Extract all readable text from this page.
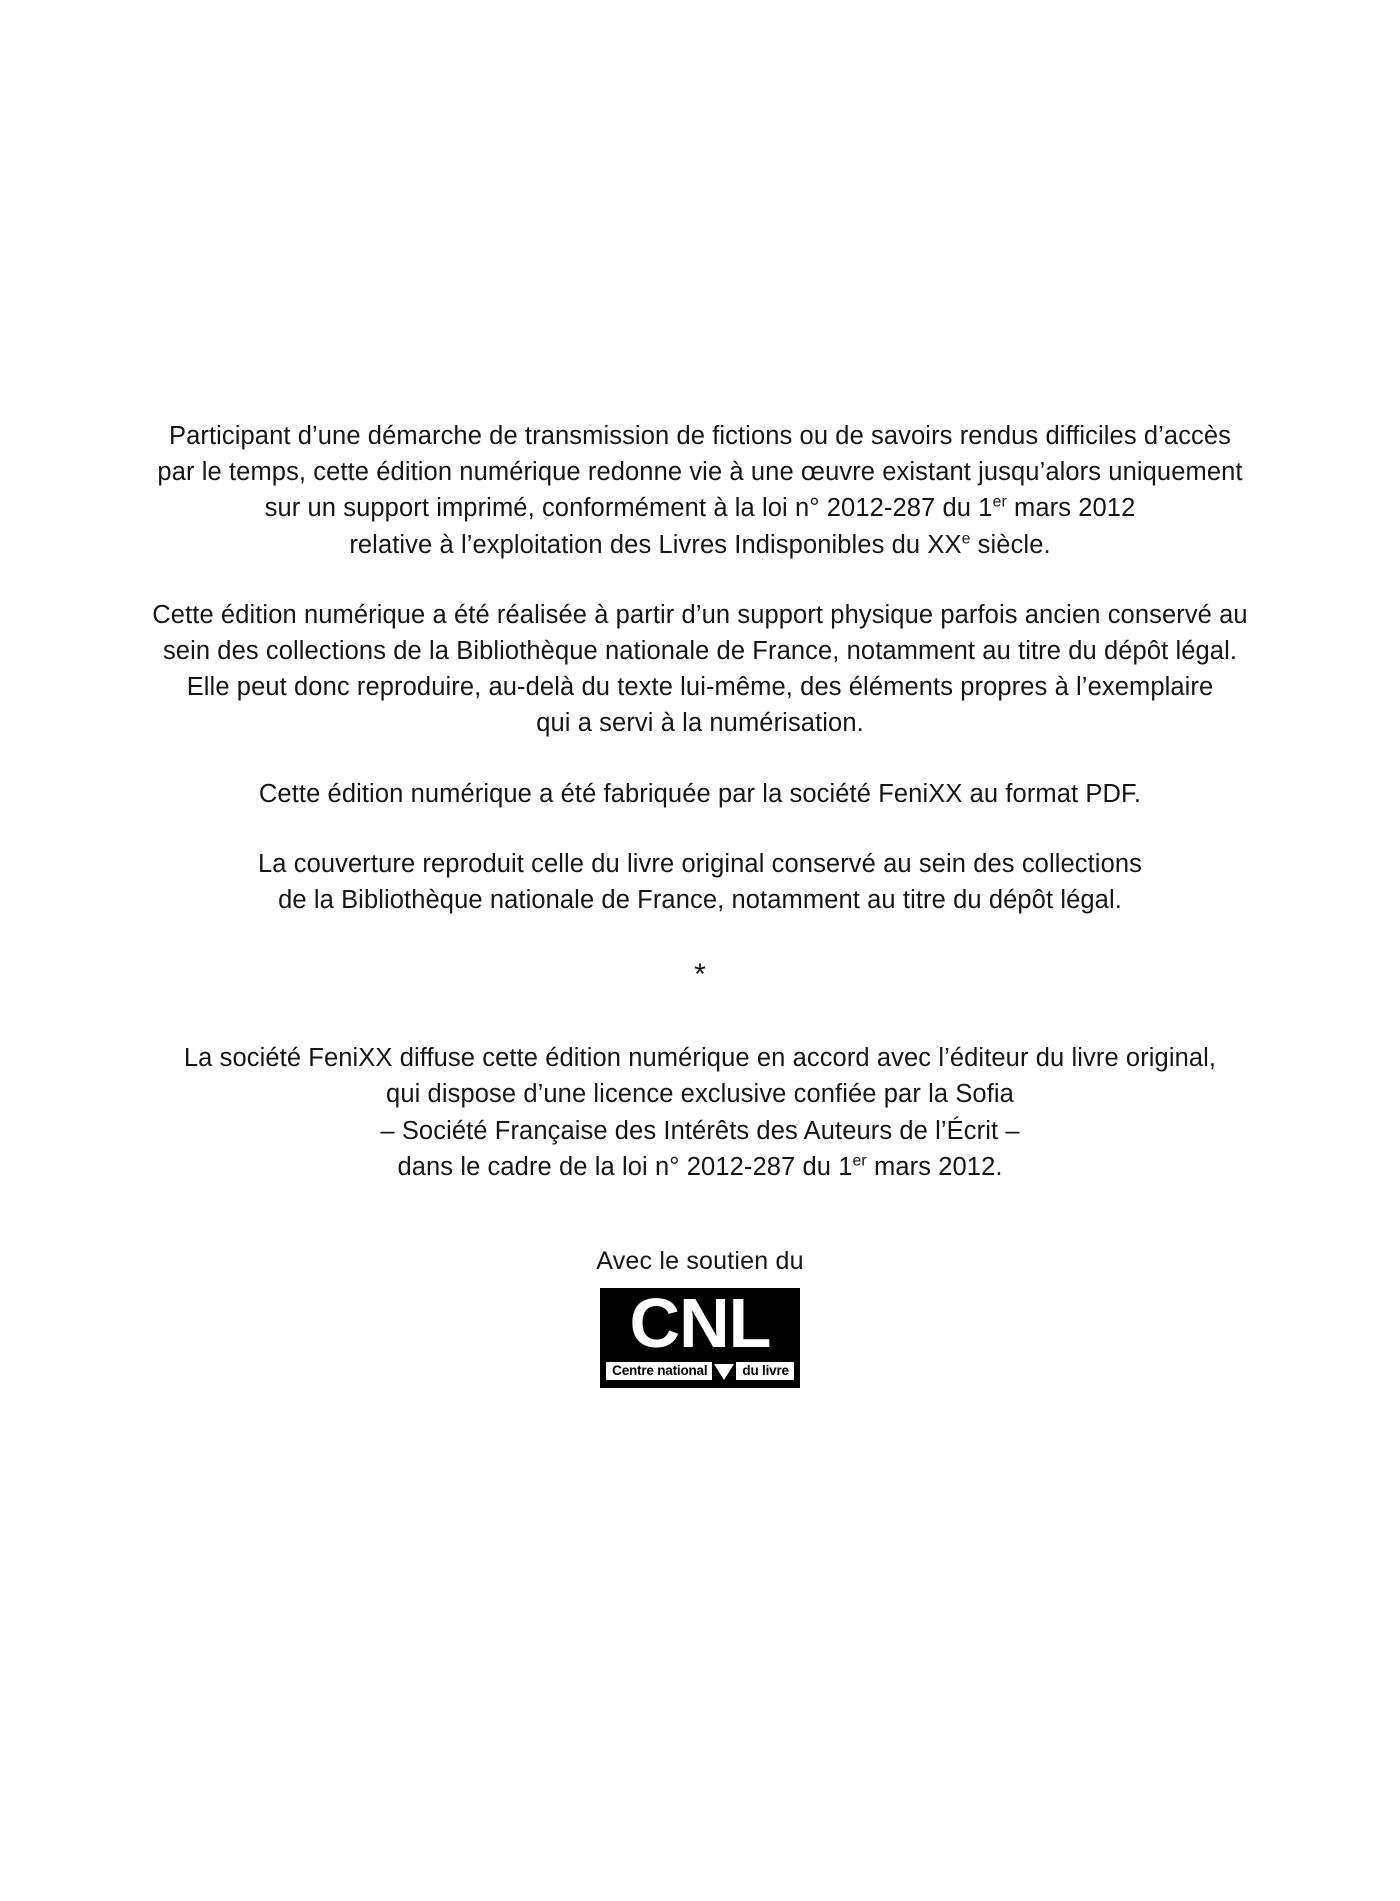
Participant d’une démarche de transmission de fictions ou de savoirs rendus difficiles d’accès
par le temps, cette édition numérique redonne vie à une œuvre existant jusqu’alors uniquement
sur un support imprimé, conformément à la loi n° 2012-287 du 1er mars 2012
relative à l’exploitation des Livres Indisponibles du XXe siècle.
Cette édition numérique a été réalisée à partir d’un support physique parfois ancien conservé au
sein des collections de la Bibliothèque nationale de France, notamment au titre du dépôt légal.
Elle peut donc reproduire, au-delà du texte lui-même, des éléments propres à l’exemplaire
qui a servi à la numérisation.
Cette édition numérique a été fabriquée par la société FeniXX au format PDF.
La couverture reproduit celle du livre original conservé au sein des collections
de la Bibliothèque nationale de France, notamment au titre du dépôt légal.
*
La société FeniXX diffuse cette édition numérique en accord avec l’éditeur du livre original,
qui dispose d’une licence exclusive confiée par la Sofia
– Société Française des Intérêts des Auteurs de l’Écrit –
dans le cadre de la loi n° 2012-287 du 1er mars 2012.
Avec le soutien du
C N L
Centre national	du livre
